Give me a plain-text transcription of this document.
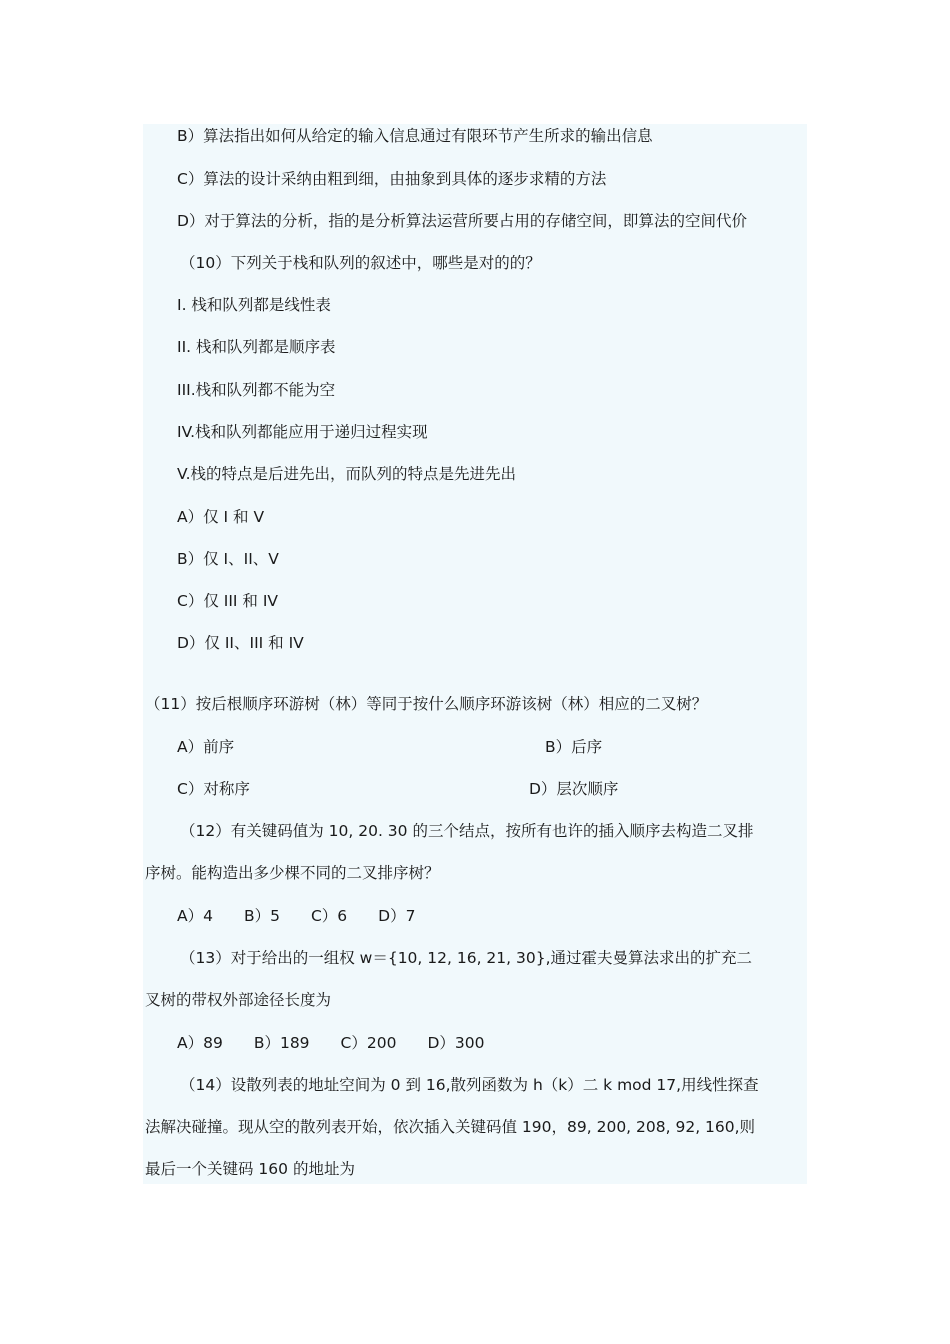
B）算法指出如何从给定的输入信息通过有限环节产生所求的输出信息
C）算法的设计采纳由粗到细，由抽象到具体的逐步求精的方法
D）对于算法的分析，指的是分析算法运营所要占用的存储空间，即算法的空间代价
（10）下列关于栈和队列的叙述中，哪些是对的的？
I. 栈和队列都是线性表
II. 栈和队列都是顺序表
III.栈和队列都不能为空
IV.栈和队列都能应用于递归过程实现
V.栈的特点是后进先出，而队列的特点是先进先出
A）仅 I 和 V
B）仅 I、II、V
C）仅 III 和 IV
D）仅 II、III 和 IV
（11）按后根顺序环游树（林）等同于按什么顺序环游该树（林）相应的二叉树？
A）前序	B）后序
C）对称序	D）层次顺序
（12）有关键码值为 10, 20. 30 的三个结点，按所有也许的插入顺序去构造二叉排
序树。能构造出多少棵不同的二叉排序树？
A）4　　B）5　　C）6　　D）7
（13）对于给出的一组权 w＝{10, 12, 16, 21, 30},通过霍夫曼算法求出的扩充二
叉树的带权外部途径长度为
A）89　　B）189　　C）200　　D）300
（14）设散列表的地址空间为 0 到 16,散列函数为 h（k）二 k mod 17,用线性探查
法解决碰撞。现从空的散列表开始，依次插入关键码值 190，89, 200, 208, 92, 160,则
最后一个关键码 160 的地址为
